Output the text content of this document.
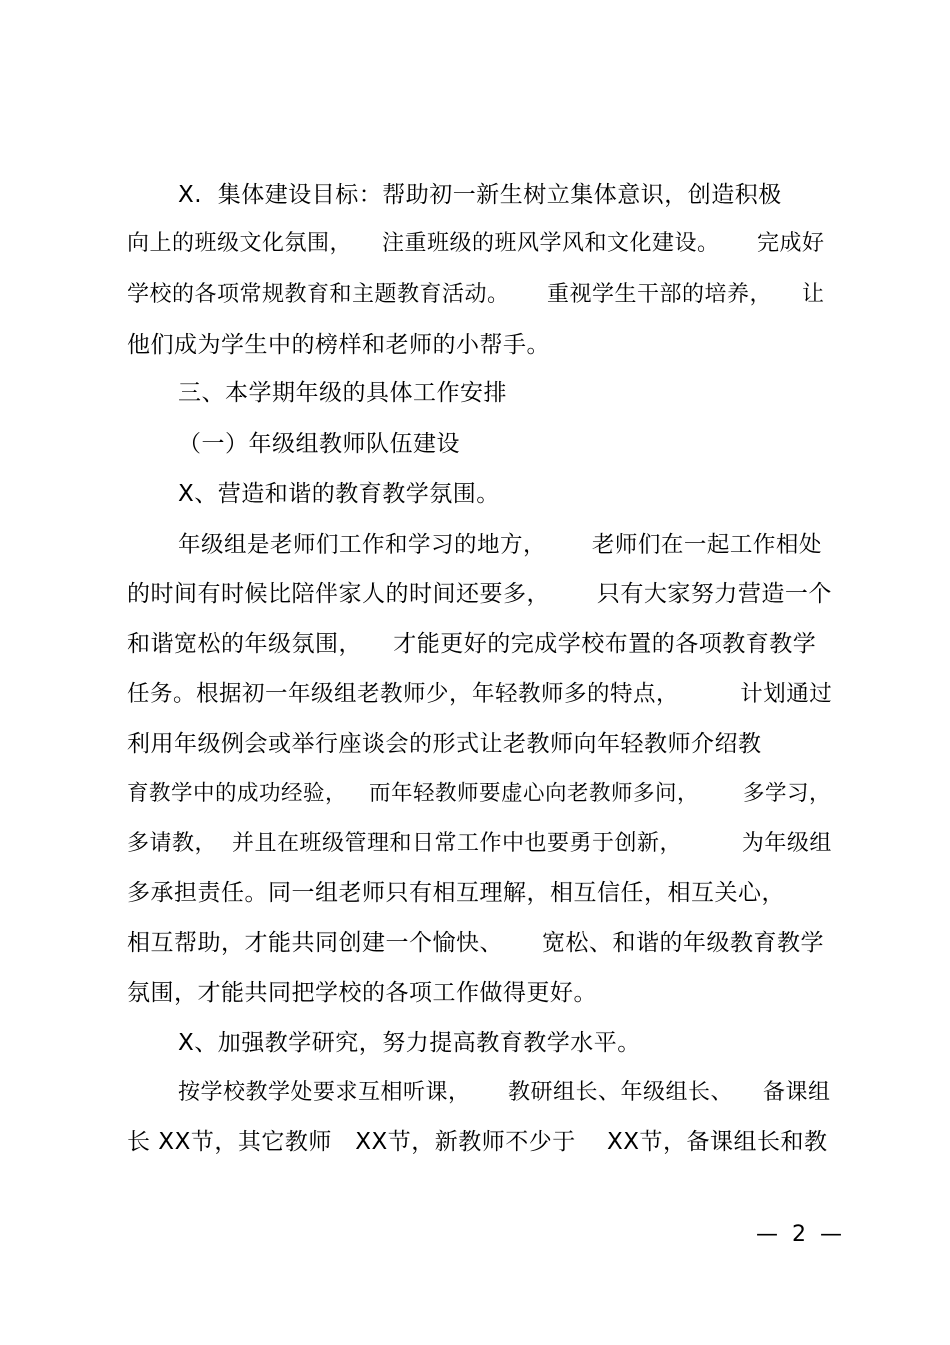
X.  集体建设目标：帮助初一新生树立集体意识，创造积极
向上的班级文化氛围，    注重班级的班风学风和文化建设。     完成好
学校的各项常规教育和主题教育活动。     重视学生干部的培养，    让
他们成为学生中的榜样和老师的小帮手。
三、本学期年级的具体工作安排
（一）年级组教师队伍建设
X、营造和谐的教育教学氛围。
年级组是老师们工作和学习的地方，      老师们在一起工作相处
的时间有时候比陪伴家人的时间还要多，      只有大家努力营造一个
和谐宽松的年级氛围，    才能更好的完成学校布置的各项教育教学
任务。根据初一年级组老教师少，年轻教师多的特点，        计划通过
利用年级例会或举行座谈会的形式让老教师向年轻教师介绍教
育教学中的成功经验，   而年轻教师要虚心向老教师多问，      多学习，
多请教，  并且在班级管理和日常工作中也要勇于创新，        为年级组
多承担责任。同一组老师只有相互理解，相互信任，相互关心，
相互帮助，才能共同创建一个愉快、     宽松、和谐的年级教育教学
氛围，才能共同把学校的各项工作做得更好。
X、加强教学研究，努力提高教育教学水平。
按学校教学处要求互相听课，     教研组长、年级组长、    备课组
长 XX节，其它教师   XX节，新教师不少于    XX节，备课组长和教
—  2  —
